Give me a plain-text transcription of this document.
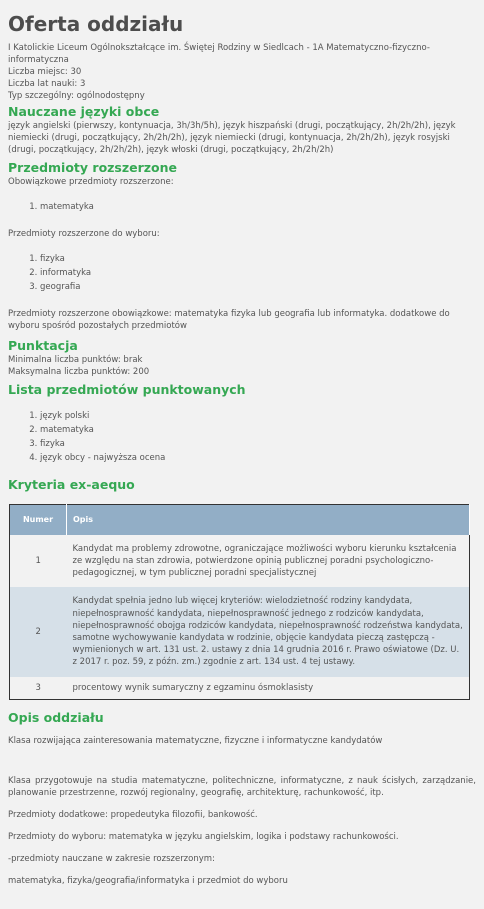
Oferta oddziału

I Katolickie Liceum Ogólnokształcące im. Świętej Rodziny w Siedlcach - 1A Matematyczno-fizyczno-informatyczna

Liczba miejsc: 30

Liczba lat nauki: 3

Typ szczególny: ogólnodostępny

Nauczane języki obce

język angielski (pierwszy, kontynuacja, 3h/3h/5h), język hiszpański (drugi, początkujący, 2h/2h/2h), język niemiecki (drugi, początkujący, 2h/2h/2h), język niemiecki (drugi, kontynuacja, 2h/2h/2h), język rosyjski (drugi, początkujący, 2h/2h/2h), język włoski (drugi, początkujący, 2h/2h/2h)

Przedmioty rozszerzone

Obowiązkowe przedmioty rozszerzone:

1. matematyka

Przedmioty rozszerzone do wyboru:

1. fizyka
2. informatyka
3. geografia

Przedmioty rozszerzone obowiązkowe: matematyka fizyka lub geografia lub informatyka. dodatkowe do wyboru spośród pozostałych przedmiotów

Punktacja

Minimalna liczba punktów: brak

Maksymalna liczba punktów: 200

Lista przedmiotów punktowanych
1. język polski
2. matematyka
3. fizyka
4. język obcy - najwyższa ocena
Kryteria ex-aequo
Numer	Opis
1	Kandydat ma problemy zdrowotne, ograniczające możliwości wyboru kierunku kształcenia ze względu na stan zdrowia, potwierdzone opinią publicznej poradni psychologiczno-pedagogicznej, w tym publicznej poradni specjalistycznej
2	Kandydat spełnia jedno lub więcej kryteriów: wielodzietność rodziny kandydata, niepełnosprawność kandydata, niepełnosprawność jednego z rodziców kandydata, niepełnosprawność obojga rodziców kandydata, niepełnosprawność rodzeństwa kandydata, samotne wychowywanie kandydata w rodzinie, objęcie kandydata pieczą zastępczą - wymienionych w art. 131 ust. 2. ustawy z dnia 14 grudnia 2016 r. Prawo oświatowe (Dz. U. z 2017 r. poz. 59, z późn. zm.) zgodnie z art. 134 ust. 4 tej ustawy.
3	procentowy wynik sumaryczny z egzaminu ósmoklasisty
Opis oddziału

Klasa rozwijająca zainteresowania matematyczne, fizyczne i informatyczne kandydatów

Klasa przygotowuje na studia matematyczne, politechniczne, informatyczne, z nauk ścisłych, zarządzanie, planowanie przestrzenne, rozwój regionalny, geografię, architekturę, rachunkowość, itp.

Przedmioty dodatkowe: propedeutyka filozofii, bankowość.

Przedmioty do wyboru: matematyka w języku angielskim, logika i podstawy rachunkowości.

-przedmioty nauczane w zakresie rozszerzonym:

matematyka, fizyka/geografia/informatyka i przedmiot do wyboru
